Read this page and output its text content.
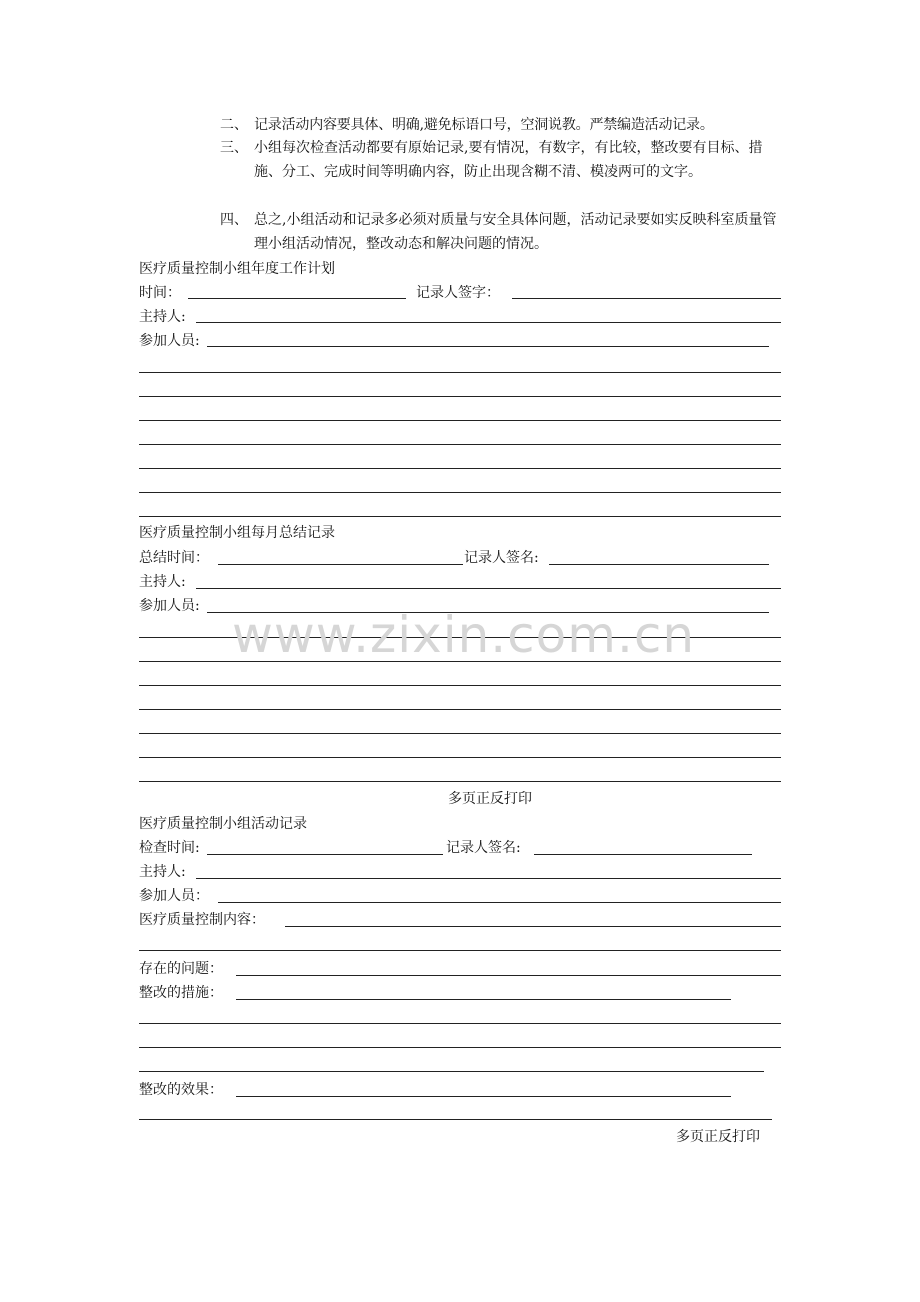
二、 记录活动内容要具体、明确,避免标语口号，空洞说教。严禁编造活动记录。
三、 小组每次检查活动都要有原始记录,要有情况，有数字，有比较，整改要有目标、措施、分工、完成时间等明确内容，防止出现含糊不清、模凌两可的文字。
四、 总之,小组活动和记录多必须对质量与安全具体问题，活动记录要如实反映科室质量管理小组活动情况，整改动态和解决问题的情况。
医疗质量控制小组年度工作计划
时间：	记录人签字：
主持人:
参加人员:
医疗质量控制小组每月总结记录
总结时间：	记录人签名:
主持人:
参加人员:
多页正反打印
医疗质量控制小组活动记录
检查时间:	记录人签名:
主持人:
参加人员：
医疗质量控制内容：
存在的问题：
整改的措施：
整改的效果：
多页正反打印
www.zixin.com.cn
